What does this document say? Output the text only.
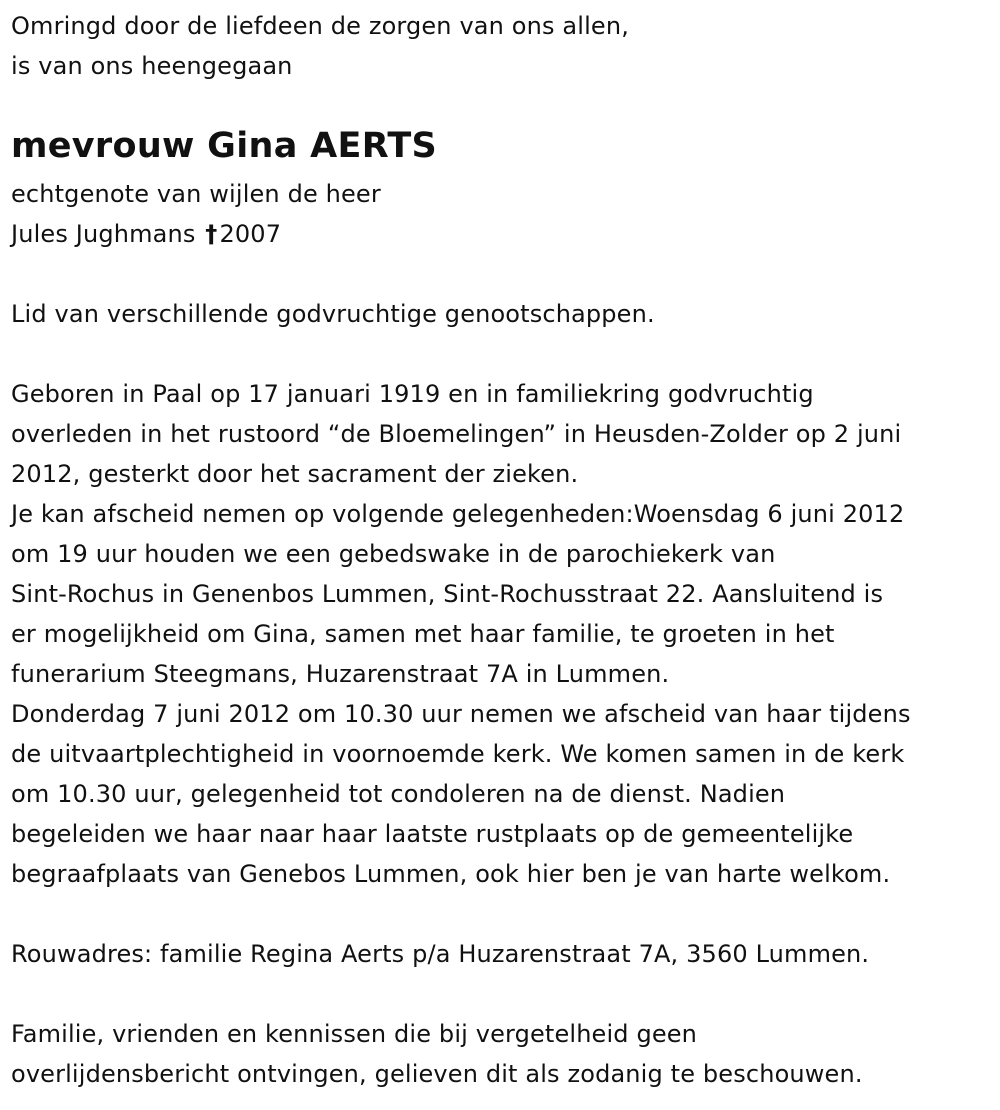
Omringd door de liefdeen de zorgen van ons allen,
is van ons heengegaan
mevrouw Gina AERTS
echtgenote van wijlen de heer
Jules Jughmans †2007
Lid van verschillende godvruchtige genootschappen.
Geboren in Paal op 17 januari 1919 en in familiekring godvruchtig
overleden in het rustoord “de Bloemelingen” in Heusden-Zolder op 2 juni
2012, gesterkt door het sacrament der zieken.
Je kan afscheid nemen op volgende gelegenheden:Woensdag 6 juni 2012
om 19 uur houden we een gebedswake in de parochiekerk van
Sint-Rochus in Genenbos Lummen, Sint-Rochusstraat 22. Aansluitend is
er mogelijkheid om Gina, samen met haar familie, te groeten in het
funerarium Steegmans, Huzarenstraat 7A in Lummen.
Donderdag 7 juni 2012 om 10.30 uur nemen we afscheid van haar tijdens
de uitvaartplechtigheid in voornoemde kerk. We komen samen in de kerk
om 10.30 uur, gelegenheid tot condoleren na de dienst. Nadien
begeleiden we haar naar haar laatste rustplaats op de gemeentelijke
begraafplaats van Genebos Lummen, ook hier ben je van harte welkom.
Rouwadres: familie Regina Aerts p/a Huzarenstraat 7A, 3560 Lummen.
Familie, vrienden en kennissen die bij vergetelheid geen
overlijdensbericht ontvingen, gelieven dit als zodanig te beschouwen.
